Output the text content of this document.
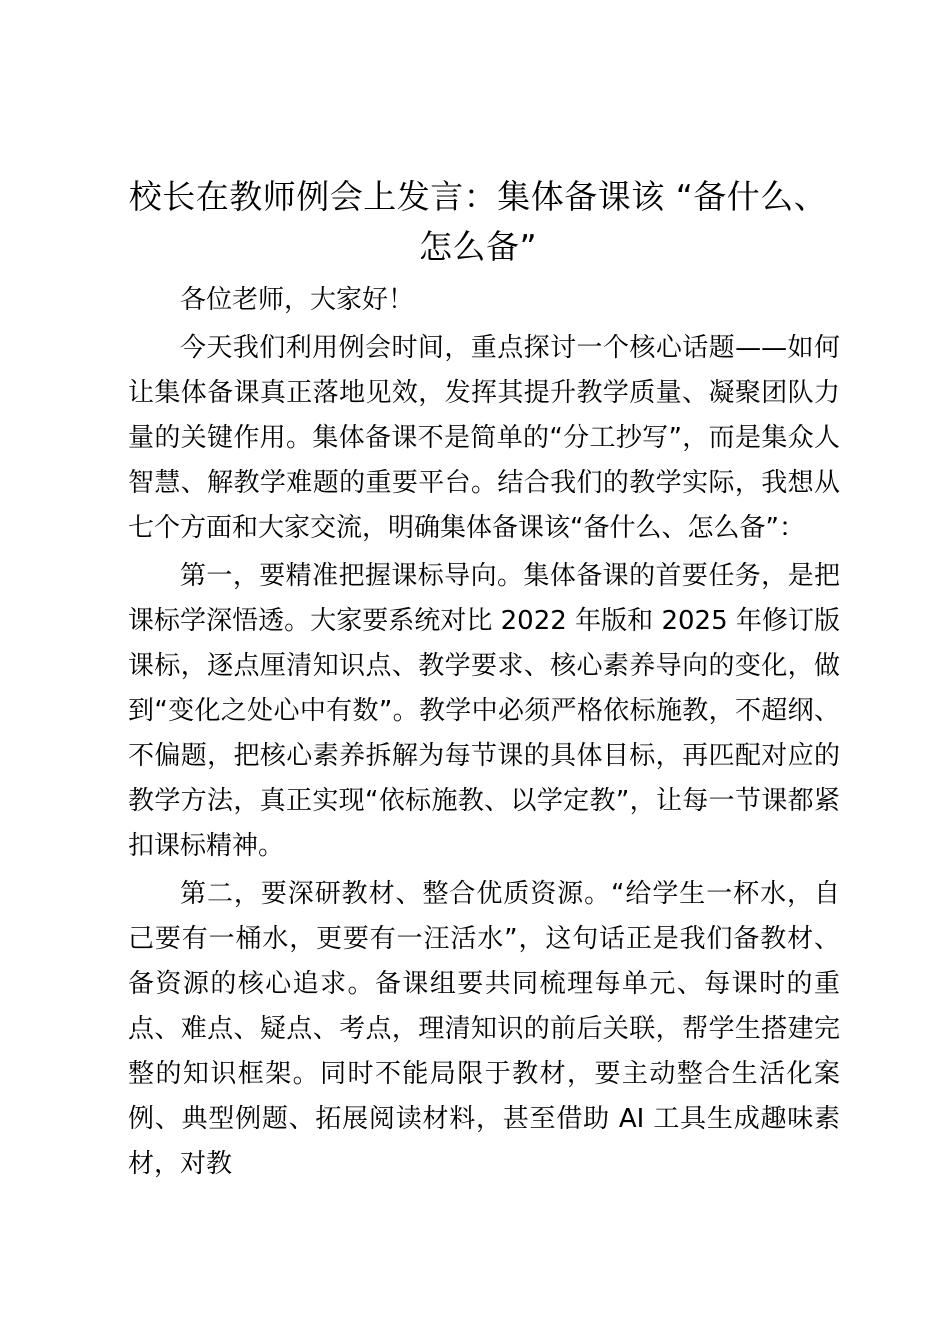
校长在教师例会上发言：集体备课该 “备什么、怎么备”

各位老师，大家好！

今天我们利用例会时间，重点探讨一个核心话题——如何让集体备课真正落地见效，发挥其提升教学质量、凝聚团队力量的关键作用。集体备课不是简单的“分工抄写”，而是集众人智慧、解教学难题的重要平台。结合我们的教学实际，我想从七个方面和大家交流，明确集体备课该“备什么、怎么备”：

第一，要精准把握课标导向。集体备课的首要任务，是把课标学深悟透。大家要系统对比 2022 年版和 2025 年修订版课标，逐点厘清知识点、教学要求、核心素养导向的变化，做到“变化之处心中有数”。教学中必须严格依标施教，不超纲、不偏题，把核心素养拆解为每节课的具体目标，再匹配对应的教学方法，真正实现“依标施教、以学定教”，让每一节课都紧扣课标精神。

第二，要深研教材、整合优质资源。“给学生一杯水，自己要有一桶水，更要有一汪活水”，这句话正是我们备教材、备资源的核心追求。备课组要共同梳理每单元、每课时的重点、难点、疑点、考点，理清知识的前后关联，帮学生搭建完整的知识框架。同时不能局限于教材，要主动整合生活化案例、典型例题、拓展阅读材料，甚至借助 AI 工具生成趣味素材，对教
